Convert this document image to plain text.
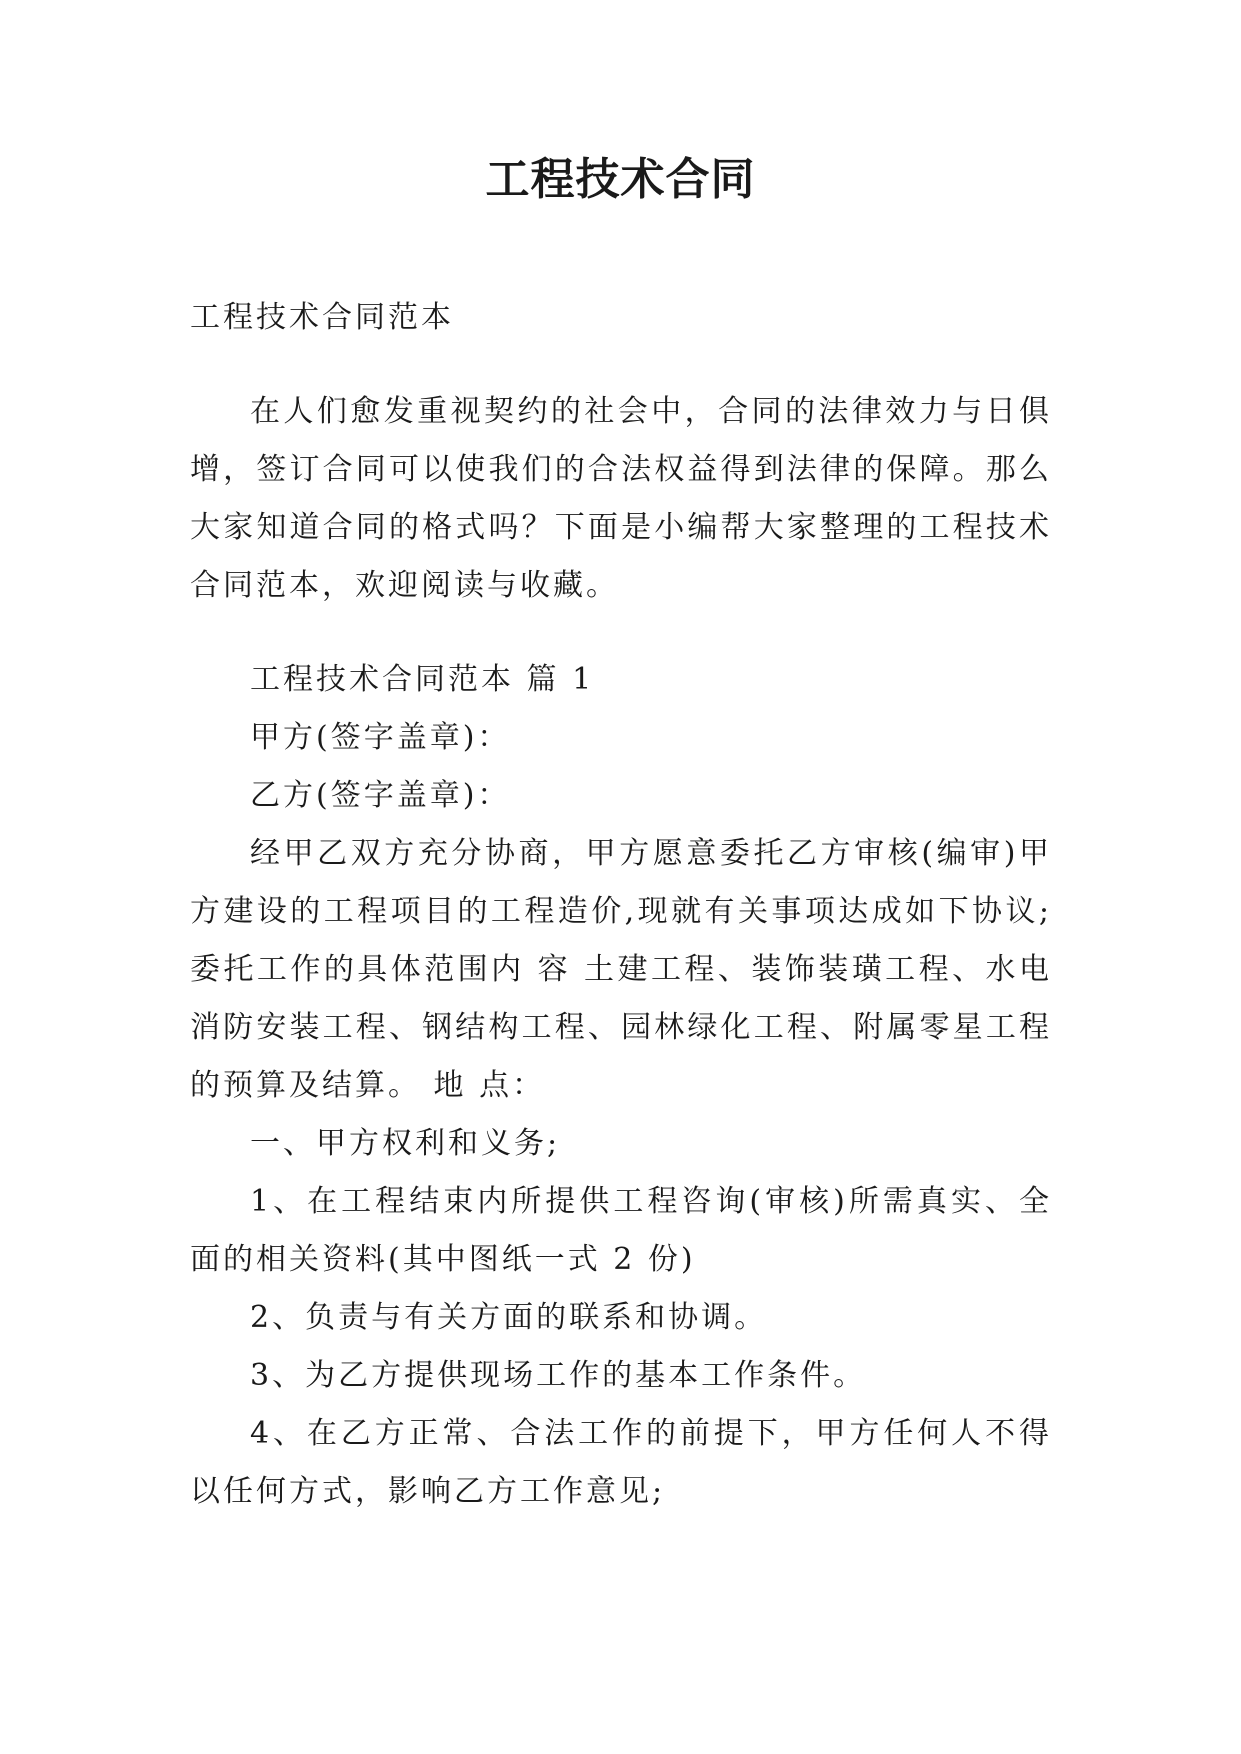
工程技术合同

工程技术合同范本

在人们愈发重视契约的社会中，合同的法律效力与日俱增，签订合同可以使我们的合法权益得到法律的保障。那么大家知道合同的格式吗？下面是小编帮大家整理的工程技术合同范本，欢迎阅读与收藏。

工程技术合同范本 篇 1

甲方(签字盖章)：

乙方(签字盖章)：

经甲乙双方充分协商，甲方愿意委托乙方审核(编审)甲方建设的工程项目的工程造价,现就有关事项达成如下协议; 委托工作的具体范围内 容 土建工程、装饰装璜工程、水电消防安装工程、钢结构工程、园林绿化工程、附属零星工程的预算及结算。 地 点：

一、甲方权利和义务;

1、在工程结束内所提供工程咨询(审核)所需真实、全面的相关资料(其中图纸一式 2 份)

2、负责与有关方面的联系和协调。

3、为乙方提供现场工作的基本工作条件。

4、在乙方正常、合法工作的前提下，甲方任何人不得以任何方式，影响乙方工作意见;
